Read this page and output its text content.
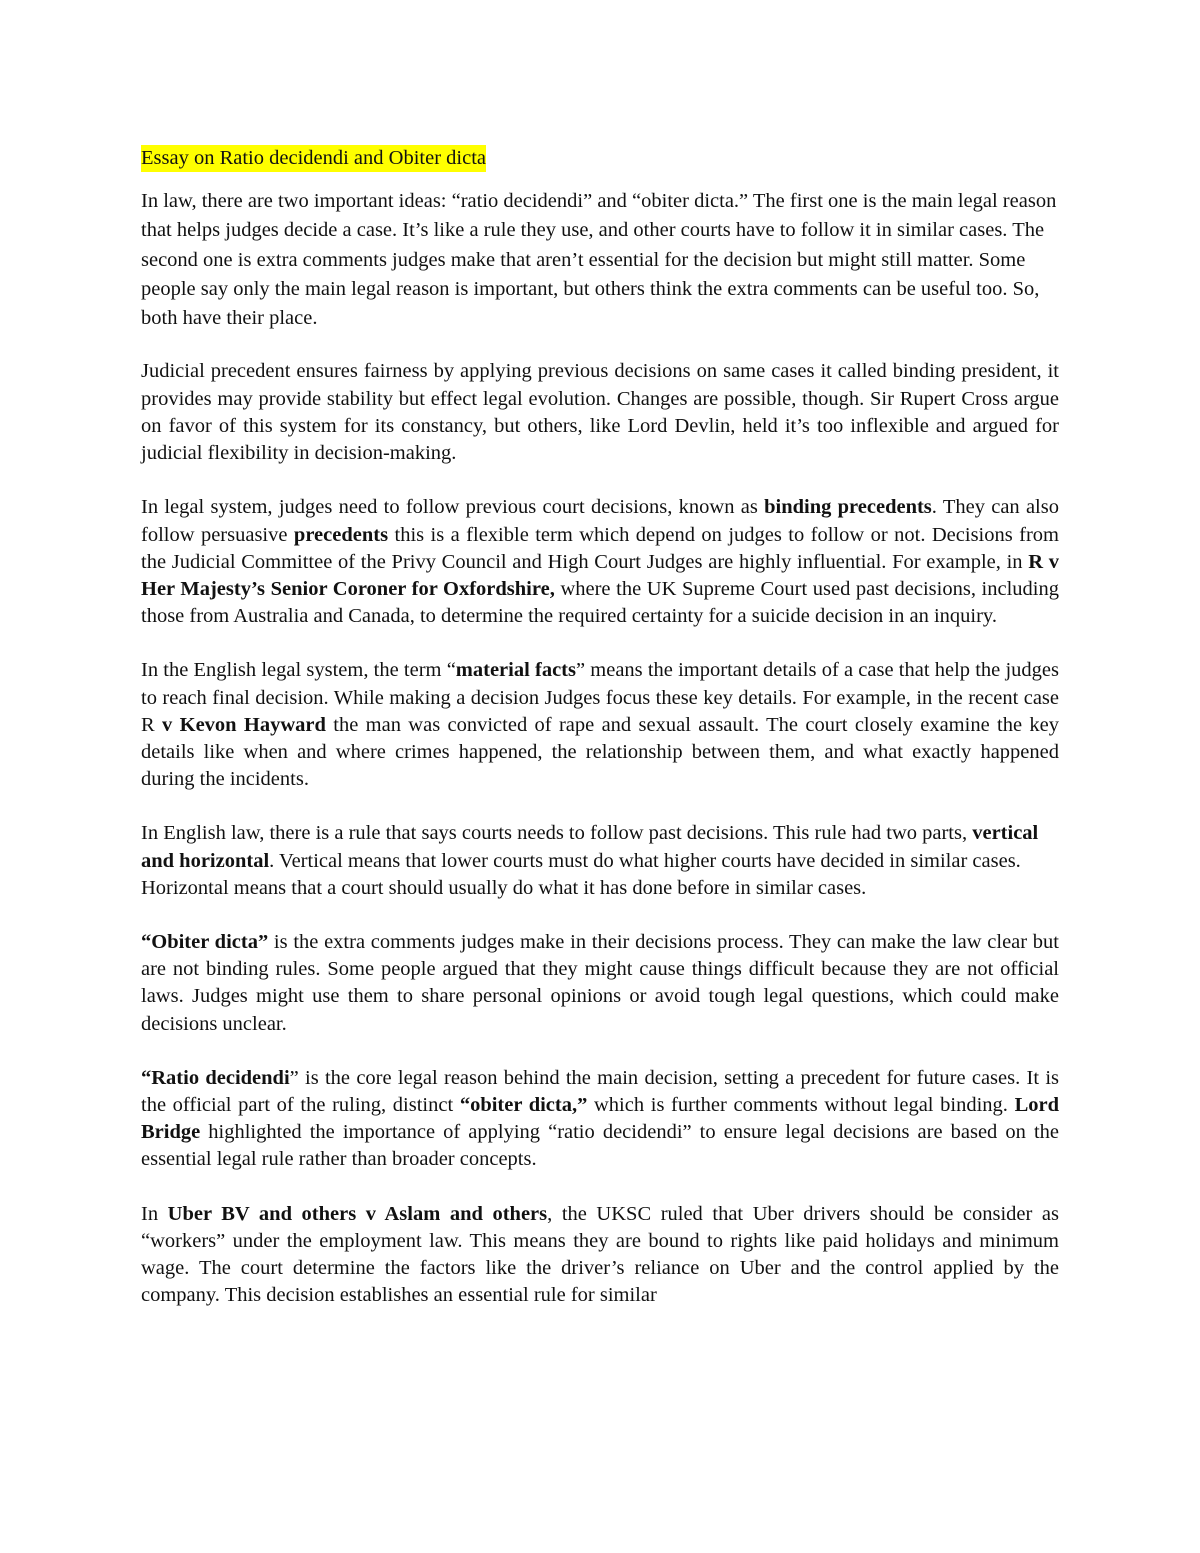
Essay on Ratio decidendi and Obiter dicta

In law, there are two important ideas: “ratio decidendi” and “obiter dicta.” The first one is the main legal reason that helps judges decide a case. It’s like a rule they use, and other courts have to follow it in similar cases. The second one is extra comments judges make that aren’t essential for the decision but might still matter. Some people say only the main legal reason is important, but others think the extra comments can be useful too. So, both have their place.

Judicial precedent ensures fairness by applying previous decisions on same cases it called binding president, it provides may provide stability but effect legal evolution. Changes are possible, though. Sir Rupert Cross argue on favor of this system for its constancy, but others, like Lord Devlin, held it’s too inflexible and argued for judicial flexibility in decision-making.

In legal system, judges need to follow previous court decisions, known as binding precedents. They can also follow persuasive precedents this is a flexible term which depend on judges to follow or not. Decisions from the Judicial Committee of the Privy Council and High Court Judges are highly influential. For example, in R v Her Majesty’s Senior Coroner for Oxfordshire, where the UK Supreme Court used past decisions, including those from Australia and Canada, to determine the required certainty for a suicide decision in an inquiry.

In the English legal system, the term “material facts” means the important details of a case that help the judges to reach final decision. While making a decision Judges focus these key details. For example, in the recent case R v Kevon Hayward the man was convicted of rape and sexual assault. The court closely examine the key details like when and where crimes happened, the relationship between them, and what exactly happened during the incidents.

In English law, there is a rule that says courts needs to follow past decisions. This rule had two parts, vertical and horizontal. Vertical means that lower courts must do what higher courts have decided in similar cases. Horizontal means that a court should usually do what it has done before in similar cases.

“Obiter dicta” is the extra comments judges make in their decisions process. They can make the law clear but are not binding rules. Some people argued that they might cause things difficult because they are not official laws. Judges might use them to share personal opinions or avoid tough legal questions, which could make decisions unclear.

“Ratio decidendi” is the core legal reason behind the main decision, setting a precedent for future cases. It is the official part of the ruling, distinct “obiter dicta,” which is further comments without legal binding. Lord Bridge highlighted the importance of applying “ratio decidendi” to ensure legal decisions are based on the essential legal rule rather than broader concepts.

In Uber BV and others v Aslam and others, the UKSC ruled that Uber drivers should be consider as “workers” under the employment law. This means they are bound to rights like paid holidays and minimum wage. The court determine the factors like the driver’s reliance on Uber and the control applied by the company. This decision establishes an essential rule for similar
